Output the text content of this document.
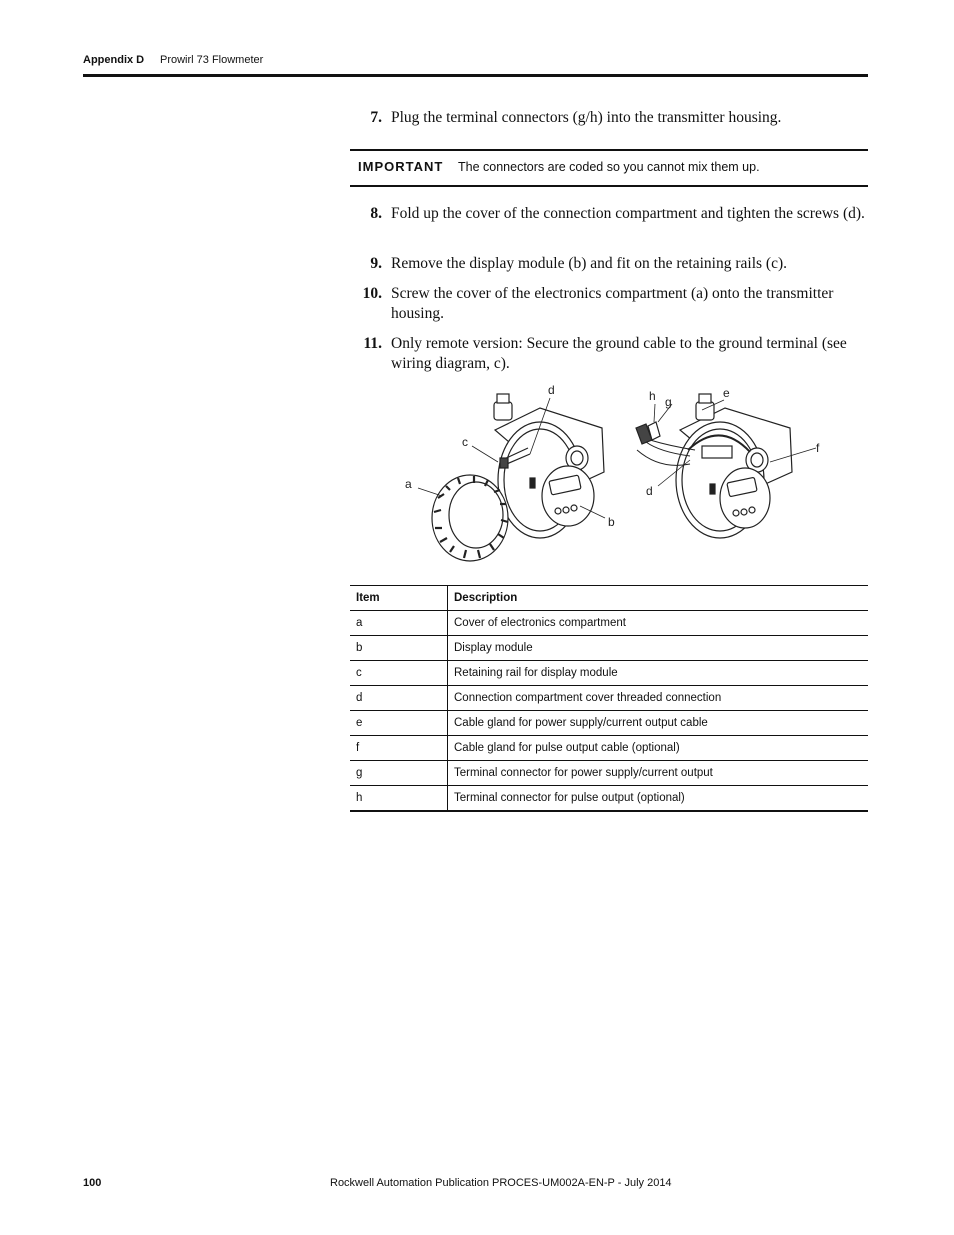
Appendix D Prowirl 73 Flowmeter
7. Plug the terminal connectors (g/h) into the transmitter housing.
IMPORTANT The connectors are coded so you cannot mix them up.
8. Fold up the cover of the connection compartment and tighten the screws (d).
9. Remove the display module (b) and fit on the retaining rails (c).
10. Screw the cover of the electronics compartment (a) onto the transmitter housing.
11. Only remote version: Secure the ground cable to the ground terminal (see wiring diagram, c).
d
c
a
b
h g
e
f
d
Item	Description
a	Cover of electronics compartment
b	Display module
c	Retaining rail for display module
d	Connection compartment cover threaded connection
e	Cable gland for power supply/current output cable
f	Cable gland for pulse output cable (optional)
g	Terminal connector for power supply/current output
h	Terminal connector for pulse output (optional)
100	Rockwell Automation Publication PROCES-UM002A-EN-P - July 2014
